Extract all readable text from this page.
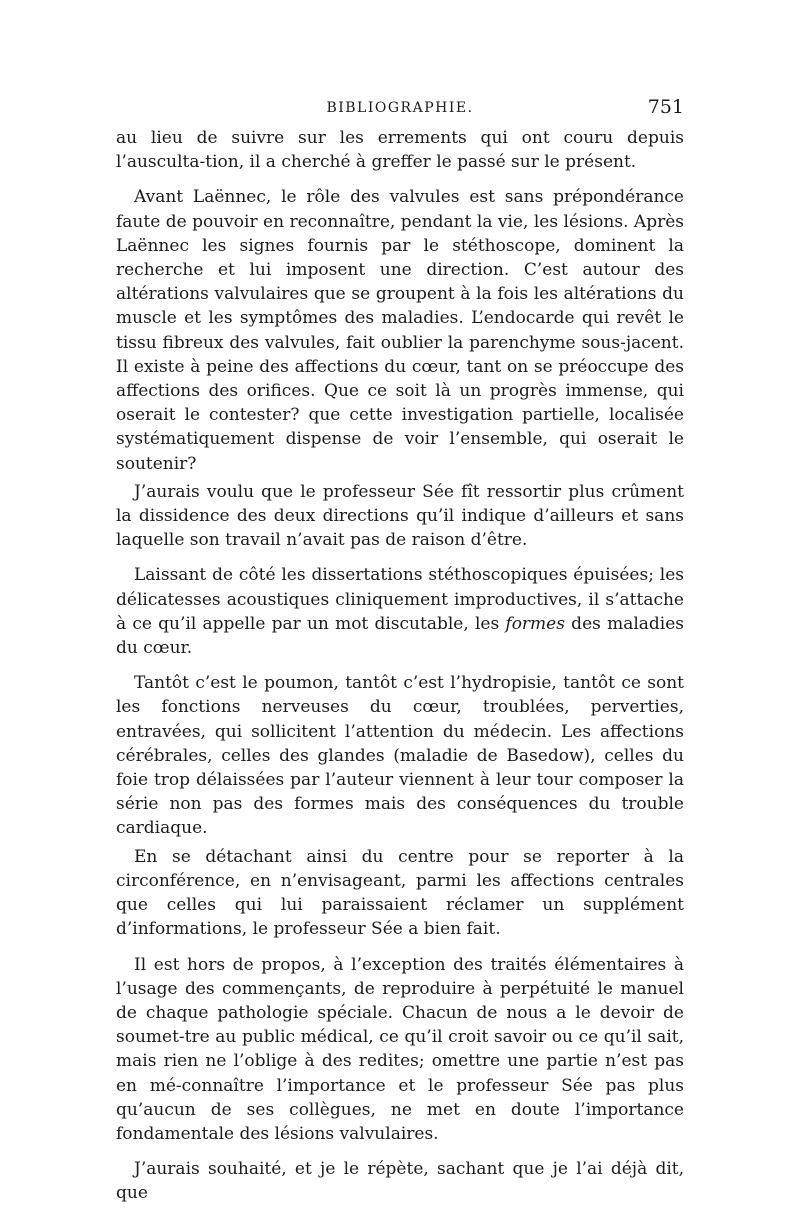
BIBLIOGRAPHIE.	751

au lieu de suivre sur les errements qui ont couru depuis l’ausculta-tion, il a cherché à greffer le passé sur le présent.

Avant Laënnec, le rôle des valvules est sans prépondérance faute de pouvoir en reconnaître, pendant la vie, les lésions. Après Laënnec les signes fournis par le stéthoscope, dominent la recherche et lui imposent une direction. C’est autour des altérations valvulaires que se groupent à la fois les altérations du muscle et les symptômes des maladies. L’endocarde qui revêt le tissu fibreux des valvules, fait oublier la parenchyme sous-jacent. Il existe à peine des affections du cœur, tant on se préoccupe des affections des orifices. Que ce soit là un progrès immense, qui oserait le contester? que cette investigation partielle, localisée systématiquement dispense de voir l’ensemble, qui oserait le soutenir?

J’aurais voulu que le professeur Sée fît ressortir plus crûment la dissidence des deux directions qu’il indique d’ailleurs et sans laquelle son travail n’avait pas de raison d’être.

Laissant de côté les dissertations stéthoscopiques épuisées; les délicatesses acoustiques cliniquement improductives, il s’attache à ce qu’il appelle par un mot discutable, les formes des maladies du cœur.

Tantôt c’est le poumon, tantôt c’est l’hydropisie, tantôt ce sont les fonctions nerveuses du cœur, troublées, perverties, entravées, qui sollicitent l’attention du médecin. Les affections cérébrales, celles des glandes (maladie de Basedow), celles du foie trop délaissées par l’auteur viennent à leur tour composer la série non pas des formes mais des conséquences du trouble cardiaque.

En se détachant ainsi du centre pour se reporter à la circonférence, en n’envisageant, parmi les affections centrales que celles qui lui paraissaient réclamer un supplément d’informations, le professeur Sée a bien fait.

Il est hors de propos, à l’exception des traités élémentaires à l’usage des commençants, de reproduire à perpétuité le manuel de chaque pathologie spéciale. Chacun de nous a le devoir de soumet-tre au public médical, ce qu’il croit savoir ou ce qu’il sait, mais rien ne l’oblige à des redites; omettre une partie n’est pas en mé-connaître l’importance et le professeur Sée pas plus qu’aucun de ses collègues, ne met en doute l’importance fondamentale des lésions valvulaires.

J’aurais souhaité, et je le répète, sachant que je l’ai déjà dit, que
